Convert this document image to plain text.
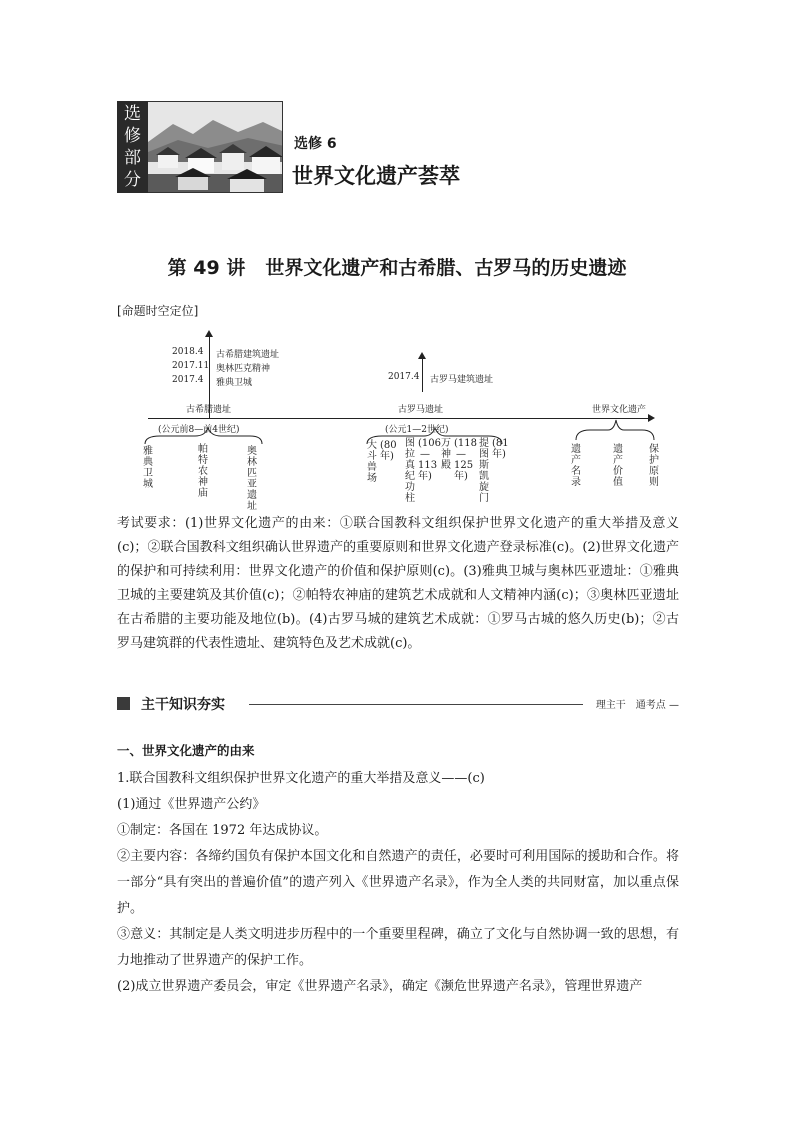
选
修
部
分
选修 6
世界文化遗产荟萃
第 49 讲 世界文化遗产和古希腊、古罗马的历史遗迹
[命题时空定位]
2018.4 古希腊建筑遗址
2017.11 奥林匹克精神
2017.4 雅典卫城
2017.4 古罗马建筑遗址
古希腊遗址	古罗马遗址	世界文化遗产
(公元前8—前4世纪)	(公元1—2世纪)
雅典卫城
帕特农神庙
奥林匹亚遗址
大斗兽场
(80年)
图拉真纪功柱
(106—113年)
万神殿
(118—125年)
提图斯凯旋门
(81年)	遗产名录
遗产价值
保护原则
考试要求：(1)世界文化遗产的由来：①联合国教科文组织保护世界文化遗产的重大举措及意义(c)；②联合国教科文组织确认世界遗产的重要原则和世界文化遗产登录标准(c)。(2)世界文化遗产的保护和可持续利用：世界文化遗产的价值和保护原则(c)。(3)雅典卫城与奥林匹亚遗址：①雅典卫城的主要建筑及其价值(c)；②帕特农神庙的建筑艺术成就和人文精神内涵(c)；③奥林匹亚遗址在古希腊的主要功能及地位(b)。(4)古罗马城的建筑艺术成就：①罗马古城的悠久历史(b)；②古罗马建筑群的代表性遗址、建筑特色及艺术成就(c)。
主干知识夯实	理主干　通考点 —

一、世界文化遗产的由来

1.联合国教科文组织保护世界文化遗产的重大举措及意义——(c)

(1)通过《世界遗产公约》

①制定：各国在 1972 年达成协议。

②主要内容：各缔约国负有保护本国文化和自然遗产的责任，必要时可利用国际的援助和合作。将一部分“具有突出的普遍价值”的遗产列入《世界遗产名录》，作为全人类的共同财富，加以重点保护。

③意义：其制定是人类文明进步历程中的一个重要里程碑，确立了文化与自然协调一致的思想，有力地推动了世界遗产的保护工作。

(2)成立世界遗产委员会，审定《世界遗产名录》，确定《濒危世界遗产名录》，管理世界遗产
